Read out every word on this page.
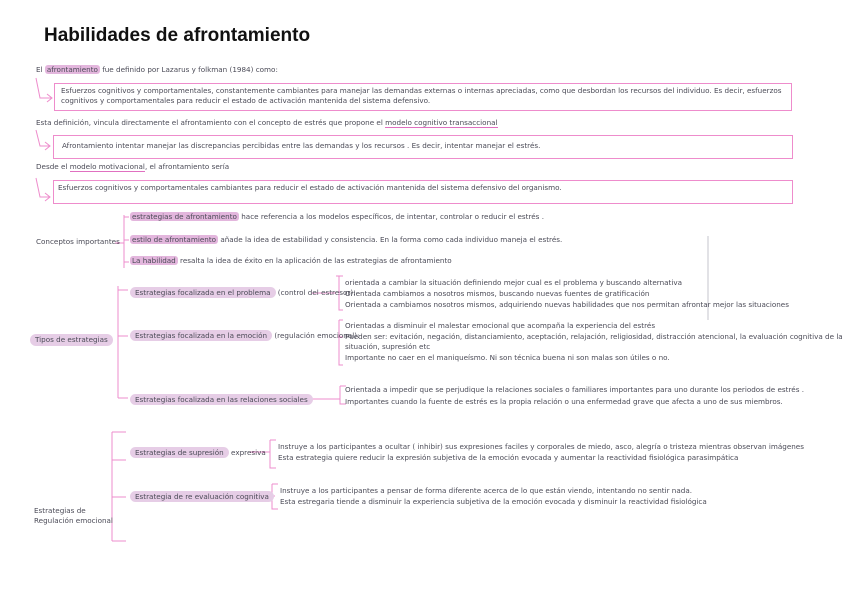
Habilidades de afrontamiento
El afrontamiento fue definido por Lazarus y folkman (1984) como:
Esfuerzos cognitivos y comportamentales, constantemente cambiantes para manejar las demandas externas o internas apreciadas, como que desbordan los recursos del individuo. Es decir, esfuerzos cognitivos y comportamentales para reducir el estado de activación mantenida del sistema defensivo.
Esta definición, vincula directamente el afrontamiento con el concepto de estrés que propone el modelo cognitivo transaccional
Afrontamiento intentar manejar las discrepancias percibidas entre las demandas y los recursos . Es decir, intentar manejar el estrés.
Desde el modelo motivacional, el afrontamiento sería
Esfuerzos cognitivos y comportamentales cambiantes para reducir el estado de activación mantenida del sistema defensivo del organismo.
Conceptos importantes
estrategias de afrontamiento hace referencia a los modelos específicos, de intentar, controlar o reducir el estrés .
estilo de afrontamiento añade la idea de estabilidad y consistencia. En la forma como cada individuo maneja el estrés.
La habilidad resalta la idea de éxito en la aplicación de las estrategias de afrontamiento
Tipos de estrategias
Estrategias focalizada en el problema (control del estresor):
orientada a cambiar la situación definiendo mejor cual es el problema y buscando alternativa
Orientada cambiamos a nosotros mismos, buscando nuevas fuentes de gratificación
Orientada a cambiamos nosotros mismos, adquiriendo nuevas habilidades que nos permitan afrontar mejor las situaciones
Estrategias focalizada en la emoción (regulación emocional):
Orientadas a disminuir el malestar emocional que acompaña la experiencia del estrés
Pueden ser: evitación, negación, distanciamiento, aceptación, relajación, religiosidad, distracción atencional, la evaluación cognitiva de la
situación, supresión etc
Importante no caer en el maniqueísmo. Ni son técnica buena ni son malas son útiles o no.
Estrategias focalizada en las relaciones sociales
Orientada a impedir que se perjudique la relaciones sociales o familiares importantes para uno durante los periodos de estrés .
Importantes cuando la fuente de estrés es la propia relación o una enfermedad grave que afecta a uno de sus miembros.
Estrategias de
Regulación emocional
Estrategias de supresión expresiva
Instruye a los participantes a ocultar ( inhibir) sus expresiones faciles y corporales de miedo, asco, alegría o tristeza mientras observan imágenes
Esta estrategia quiere reducir la expresión subjetiva de la emoción evocada y aumentar la reactividad fisiológica parasimpática
Estrategia de re evaluación cognitiva
Instruye a los participantes a pensar de forma diferente acerca de lo que están viendo, intentando no sentir nada.
Esta estregaria tiende a disminuir la experiencia subjetiva de la emoción evocada y disminuir la reactividad fisiológica
